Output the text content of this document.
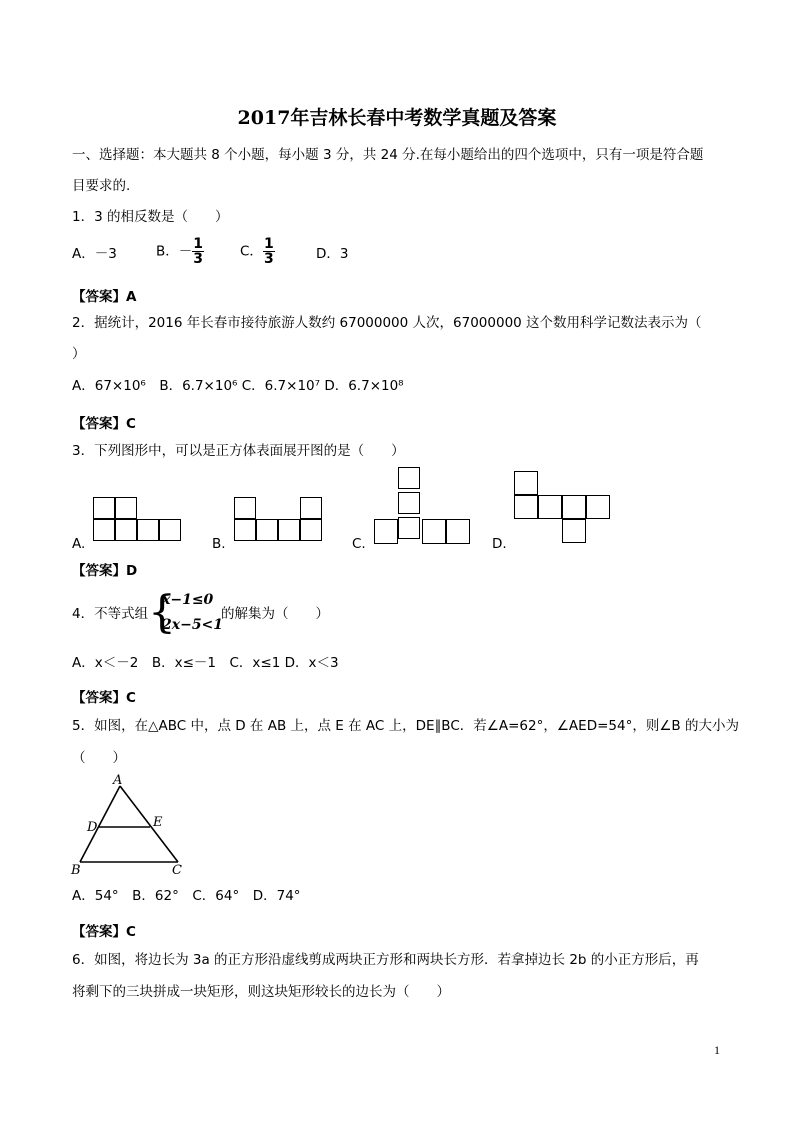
2017年吉林长春中考数学真题及答案
一、选择题：本大题共 8 个小题，每小题 3 分，共 24 分.在每小题给出的四个选项中，只有一项是符合题
目要求的.
1．3 的相反数是（　　）
A．－3	B．－ $\frac{1}{3}$	C． $\frac{1}{3}$	D．3
【答案】A
2．据统计，2016 年长春市接待旅游人数约 67000000 人次，67000000 这个数用科学记数法表示为（
）
A．67×10⁶　B．6.7×10⁶ C．6.7×10⁷ D．6.7×10⁸
【答案】C
3．下列图形中，可以是正方体表面展开图的是（　　）
A.	B.	C.	D.
【答案】D
4．不等式组 {
x−1≤0
2x−5<1
的解集为（　　）
A．x＜－2　B．x≤－1　C．x≤1 D．x＜3
【答案】C
5．如图，在△ABC 中，点 D 在 AB 上，点 E 在 AC 上，DE∥BC．若∠A=62°，∠AED=54°，则∠B 的大小为
（　　）
A
D	E
B	C
A．54°　B．62°　C．64°　D．74°
【答案】C
6．如图，将边长为 3a 的正方形沿虚线剪成两块正方形和两块长方形．若拿掉边长 2b 的小正方形后，再
将剩下的三块拼成一块矩形，则这块矩形较长的边长为（　　）
1
